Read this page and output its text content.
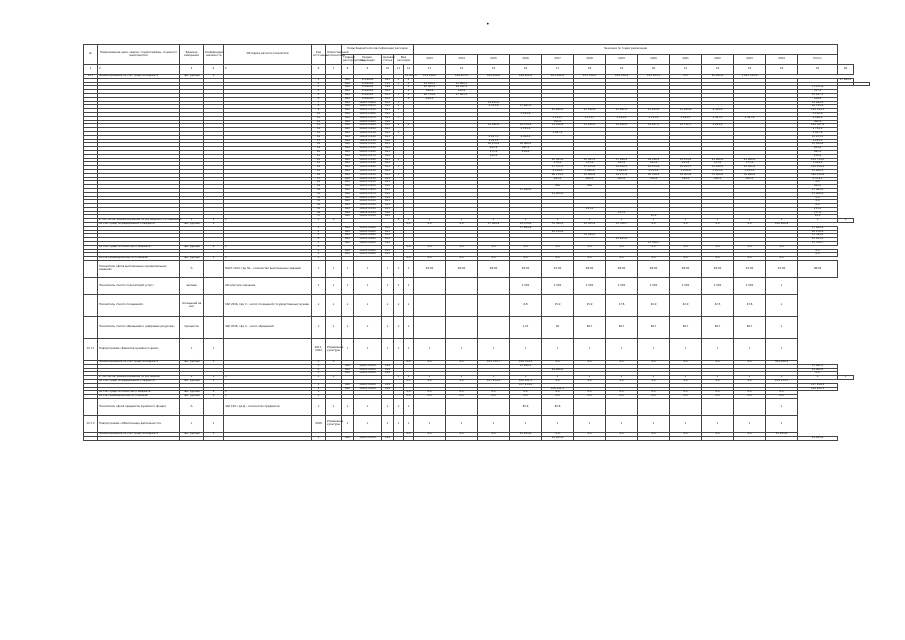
•
№	Наименование цели, задачи, подпрограммы, основного мероприятия	Единица измерения	Коэффициент значимости	Методика расчета показателя	Код источника	Ответственный исполнитель	Коды бюджетной классификации расходов					Значения по годам реализации														
							Главный распорядитель	Раздел, подраздел	Целевая статья	Вид расходов		2013	2014	2015	2016	2017	2018	2019	2020	2021	2022	2023	2024	Итого		
1	2	3	4	5	6	7	8	9	10	11	12	13	14	15	16	17	18	19	20	21	22	23	24	25	26	
14.1	Финансирование за счет средств бюджета	тыс. рублей	1								12 876,3	154 198,0	196 603,0	168 006,6	196 902,8	201 662,8	213 700,2	188 769,9	155 185,4	0,0	95 000,0	1 607 104,0				
					1		800	0719802	611	1	2														27 600,0	
					2		800	0720002	111	1	2	12 876,3	15 900,3													
					3		800	0720002	244		2	42 563,1	28 912,5											71 475,6		
					4		800	0720002	852		2	386,6	320,6											707,2		
					5		800	0720003	611	1	2	28 374,2	27 063,3											55 437,5		
					6		800	0720003	612		2	916,8												916,8		
					7		800	1020170060	612	1				12 200,0										12 200,0		
					8		800	1020170070	611	1				2 513,8	17 801,2									20 315,0		
					9		800	1020271030	611	1						23 900,0	21 590,8	23 882,5	21 910,4	13 950,6	9 300,0			114 534,3		
					10		800	1020271060	612						3 165,6									3 165,6		
					11		800	1020271070	611	1						1 121,7	1 175,7	1 182,0	1 231,4	1 262,3	1 307,3	1 327,8		8 608,2		
					12		800	1020271080	612							360,0								360,0		
					13		800	1020271090	611	1	2			14 892,4	18 079,6	11 436,2	11 448,3	12 820,5	14 037,1	12 722,7	9 091,0			104 527,8		
					14		800	1020271100	612						2 783,2									2 783,2		
					15		800	1020271110	611	1						1 847,2								1 847,2		
					16		800	1020271120	612					6 017,5	6 458,0									12 475,5		
					17		800	1020271130	612					1 241,1										1 241,1		
					18		800	1020271140	611					18 979,8	16 880,0									35 859,8		
					19		800	1020271150	612					263,9	391,1									655,0		
					20		800	1020271160	611					271,2	219,8									491,0		
					21		800	1020271170	612					212,6										212,6		
					22		800	1020271180	611	1						42 305,0	43 365,3	37 999,2	36 196,1	32 874,4	21 000,0	21 000,0		234 739,0		
					23		800	1020271190	612							278,6	153,8	384,5	363,4	243,8	333,8	171,2		1 929,1		
					24		800	1020271200	611	1						17 571,3	17 675,8	14 656,1	16 979,6	14 013,7	11 450,5	12 911,4		105 258,4		
					25		800	1020271210	612							4 126,6	3 950,8	3 905,6	4 115,2	1 978,6	3 051,0	1 872,5		23 000,3		
					26		800	1020271220	611	1						60 134,1	63 966,4	61 271,1	56 318,9	61 023,8	53 000,0	34 696,6		390 410,9		
					27		800	1020271230	612							625,4	906,5	604,0	706,6	598,0	568,1	565,5		4 574,1		
					28		800	1020271240	611															0,0		
					29		800	1020271250	612							460	460							920,0		
					30		800	1020271260	612						17 000,0									17 000,0		
					31		800	1020271270	611							11 000,0								11 000,0		
					32		800	1020271280	612															0,0		
					33		800	1020272310	611															0,0		
					34		800	1020272320	612															0,0		
					35		800	1020272330	611								215,0							215,0		
					36		800	1020272340	612									137,0						137,0		
					37		800	1020272350	612										32,9					32,9		
	в том числе, финансирование по договорам и соглашениям	x	x	x	x	x				x	x	x	x	x	x	x	x	x	x	x	x	x	x	x	x	
	за счет средств федерального бюджета	тыс. рублей	1								0,0	0,0	0,0	17 844,9	18 078,6	31 394,5	25 815,2	13 356,7	0,0	0,0	0,0	0,0	106 489,9			
					1		800	1020270080	612						17 844,9									17 844,9		
					2		800	1020270080	612							18 078,6								18 078,6		
					3		800	1020270090	612								31 394,5							31 394,5		
					4		800	1020270090	612									25 815,2						25 815,2		
					5		800	1020270090	612										13 356,7					13 356,7		
	за счет средств областного бюджета	тыс. рублей	1	x	x						0,0	0,0	0,0	0,0	0,0	0,0	0,0	0,0	0,0	0,0	0,0	0,0	0,0			
					1		800	1020270080	612															0,0		
					2		800	1020270090	612															0,0		
	за счет внебюджетных источников	тыс. рублей	1	x	x						0,0	0,0	0,0	0,0	0,0	0,0	0,0	0,0	0,0	0,0	0,0	0,0	0,0			
	Показатель «Доля выполненных муниципальных заданий»	%		НаСП х100, где На – количество выполненных заданий	x	x	x	x	x	x	x	95,00	96,00	98,00	99,00	97,00	98,00	98,00	98,00	98,00	99,00	97,00	97,00	98,00		
	Показатель «Число получателей услуг»	человек		Абсолютное значение	x	x	x	x	x	x	x				1 000	1 000	1 000	1 000	1 000	1 000	1 000	1 000	x			
	Показатель «Число посещений»	посещений на чел.		ЧАР 2016, где Ч – число посещений государственных музеев	x	x	x	x	x	x	x				6,8	15,0	15,9	17,8	20,0	22,0	22,5	23,8	x			
	Показатель «Число обращений к цифровым ресурсам»	процентов		ЧАР 2016, где Ч – число обращений	x	x	x	x	x	x	x				1,21	46	48,7	48,7	48,7	48,7	48,7	48,7	x			
14.7.1	Подпрограмма «Развитие музейного дела»	x	x		2017-2024	Управление культуры	x	x	x	x	x	x	x	x	x	x	x	x	x	x	x	x	x			
	Финансирование за счет средств бюджета	тыс. рублей	1		x	x					0,0	0,0	0,0	141 794,7	158 704,2	0,0	0,0	0,0	0,0	0,0	0,0	0,0	300 498,9			
					1		800	1020170010	244						13 880,3									13 880,3		
					2		800	1020170020	244							44 606,0								44 606,0		
					3		800	1020170030	244															0,0		
	в том числе, финансирование по договорам	x	x	x	x	x				x	x	x	x	x	x	x	x	x	x	x	x	x	x	x	x	
	за счет средств федерального бюджета	тыс. рублей	1								0,0	0,0	0,0	127 914,4	100 221,1	0,0	0,0	0,0	0,0	0,0	0,0	0,0	228 135,5			
					1		800	1020170050	244						127 914,4									127 914,4		
					2		800	1020170050	244							100 221,1								100 221,1		
	за счет средств областного бюджета	тыс. рублей	1	x	x						0,0	0,0	0,0	0,0	0,0	0,0	0,0	0,0	0,0	0,0	0,0	0,0	0,0			
	за счет внебюджетных источников	тыс. рублей	1	x	x						0,0	0,0	0,0	0,0	0,0	0,0	0,0	0,0	0,0	0,0	0,0	0,0	0,0			
	Показатель «Доля предметов музейного фонда»	%		ЧАР 100, где Д – количество предметов	x	x	x	x	x	x	x				65,6	65,8							x			
14.7.2	Подпрограмма «Обеспечение деятельности»	x	x		2018	Управление культуры	x	x	x	x	x	x	x	x	x	x	x	x	x	x	x	x	x			
	Финансирование за счет средств бюджета	тыс. рублей	1								0,0	0,0	0,0	0,0	41 925,6	0,0	0,0	0,0	0,0	0,0	0,0	0,0	41 925,6			
					1		800	1020370010	244							41 925,6								41 925,6		
